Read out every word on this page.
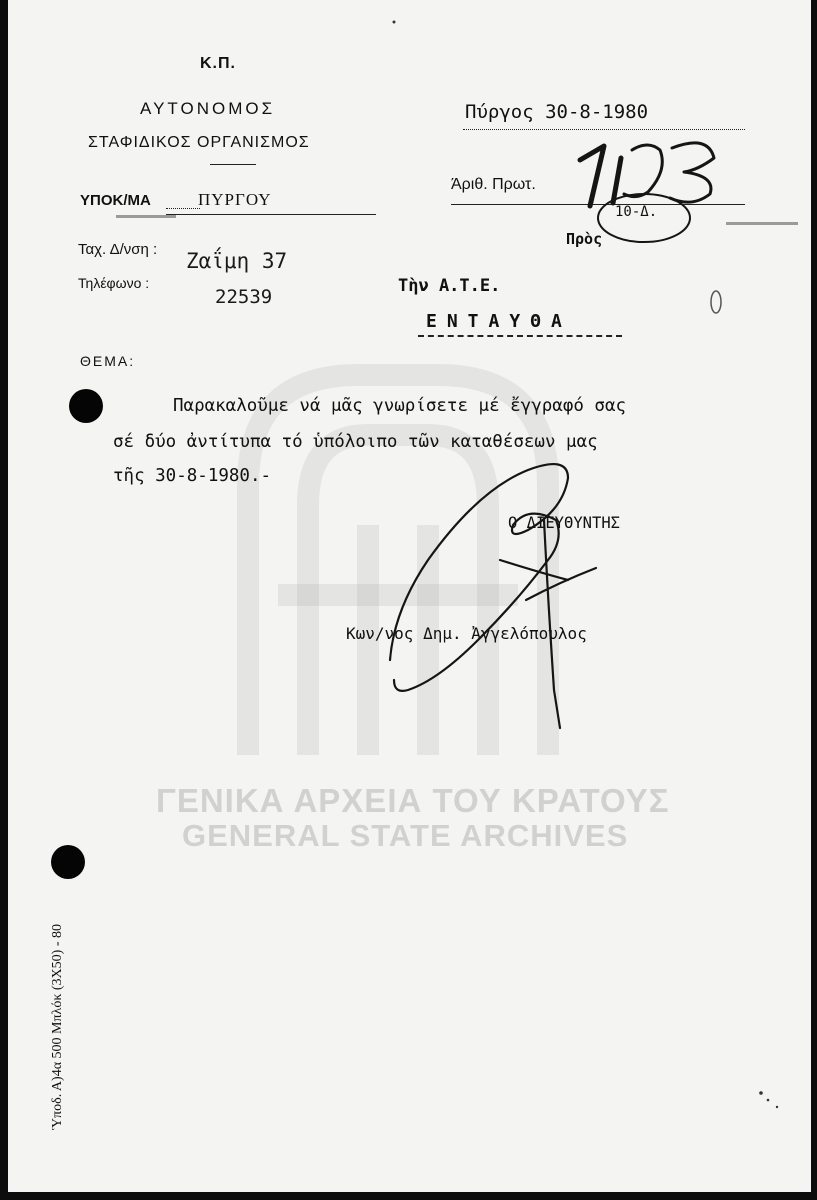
ΓΕΝΙΚΑ ΑΡΧΕΙΑ ΤΟΥ ΚΡΑΤΟΥΣ
GENERAL STATE ARCHIVES
Κ.Π.
ΑΥΤΟΝΟΜΟΣ
ΣΤΑΦΙΔΙΚΟΣ ΟΡΓΑΝΙΣΜΟΣ
ΥΠΟΚ/ΜΑ	ΠΥΡΓΟΥ
Ταχ. Δ/νση : Ζαΐμη 37
Τηλέφωνο :
22539
Πύργος 30-8-1980
Άριθ. Πρωτ.
10-Δ.
Πρὸς
Τὴν Α.Τ.Ε.
ΕΝΤΑΥΘΑ
ΘΕΜΑ:
Παρακαλοῦμε νά μᾶς γνωρίσετε μέ ἔγγραφό σας
σέ δύο ἀντίτυπα τό ὑπόλοιπο τῶν καταθέσεων μας
τῆς 30-8-1980.-
Ο ΔΙΕΥΘΥΝΤΗΣ
Κων/νος Δημ. Ἀγγελόπουλος
Ὑποδ. Α)4α 500 Μπλόκ (3Χ50) - 80
